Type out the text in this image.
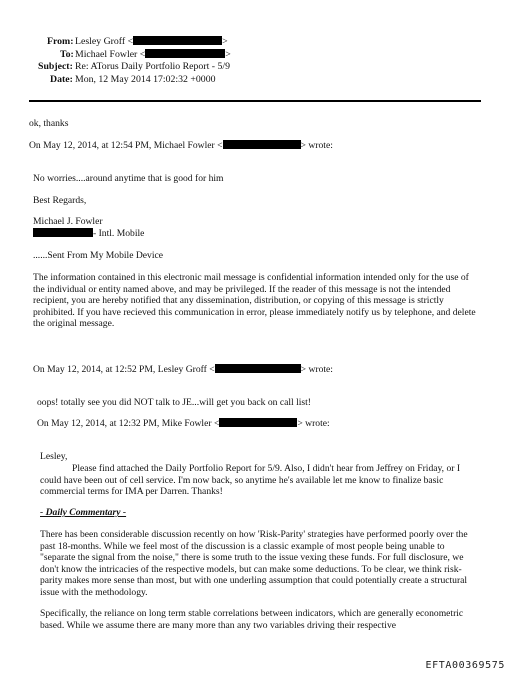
From: Lesley Groff <	>
To: Michael Fowler <	>
Subject: Re: ATorus Daily Portfolio Report - 5/9
Date: Mon, 12 May 2014 17:02:32 +0000
ok, thanks
On May 12, 2014, at 12:54 PM, Michael Fowler <	> wrote:
No worries....around anytime that is good for him
Best Regards,
Michael J. Fowler
- Intl. Mobile
......Sent From My Mobile Device
The information contained in this electronic mail message is confidential information intended only for the use of the individual or entity named above, and may be privileged. If the reader of this message is not the intended recipient, you are hereby notified that any dissemination, distribution, or copying of this message is strictly prohibited. If you have recieved this communication in error, please immediately notify us by telephone, and delete the original message.
On May 12, 2014, at 12:52 PM, Lesley Groff <	> wrote:
oops! totally see you did NOT talk to JE...will get you back on call list!
On May 12, 2014, at 12:32 PM, Mike Fowler <	> wrote:
Lesley,
Please find attached the Daily Portfolio Report for 5/9. Also, I didn't hear from Jeffrey on Friday, or I could have been out of cell service. I'm now back, so anytime he's available let me know to finalize basic commercial terms for IMA per Darren. Thanks!
- Daily Commentary -
There has been considerable discussion recently on how 'Risk-Parity' strategies have performed poorly over the past 18-months. While we feel most of the discussion is a classic example of most people being unable to "separate the signal from the noise," there is some truth to the issue vexing these funds. For full disclosure, we don't know the intricacies of the respective models, but can make some deductions. To be clear, we think risk-parity makes more sense than most, but with one underling assumption that could potentially create a structural issue with the methodology.
Specifically, the reliance on long term stable correlations between indicators, which are generally econometric based. While we assume there are many more than any two variables driving their respective
EFTA00369575
